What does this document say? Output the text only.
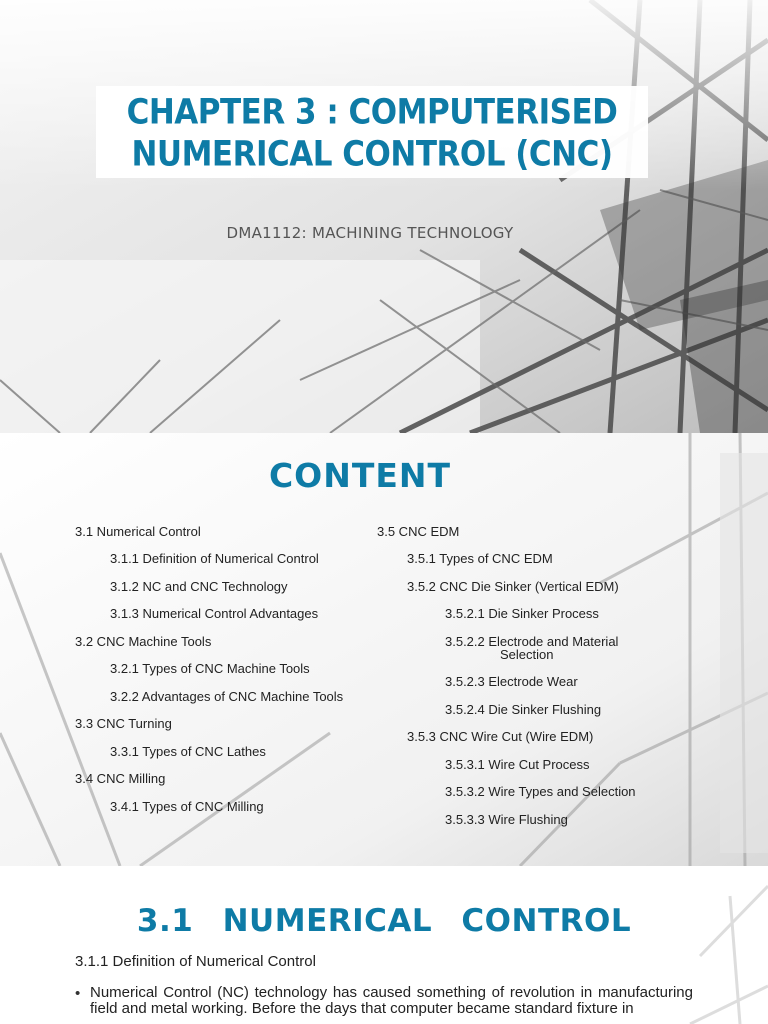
CHAPTER 3 : COMPUTERISED
NUMERICAL CONTROL (CNC)
DMA1112: MACHINING TECHNOLOGY
CONTENT
3.1 Numerical Control
3.1.1 Definition of Numerical Control
3.1.2 NC and CNC Technology
3.1.3 Numerical Control Advantages
3.2 CNC Machine Tools
3.2.1 Types of CNC Machine Tools
3.2.2 Advantages of CNC Machine Tools
3.3 CNC Turning
3.3.1 Types of CNC Lathes
3.4 CNC Milling
3.4.1 Types of CNC Milling
3.5 CNC EDM
3.5.1 Types of CNC EDM
3.5.2 CNC Die Sinker (Vertical EDM)
3.5.2.1 Die Sinker Process
3.5.2.2 Electrode and Material
Selection
3.5.2.3 Electrode Wear
3.5.2.4 Die Sinker Flushing
3.5.3 CNC Wire Cut (Wire EDM)
3.5.3.1 Wire Cut Process
3.5.3.2 Wire Types and Selection
3.5.3.3 Wire Flushing
3.1 NUMERICAL CONTROL
3.1.1 Definition of Numerical Control
• Numerical Control (NC) technology has caused something of revolution in manufacturing field and metal working. Before the days that computer became standard fixture in
